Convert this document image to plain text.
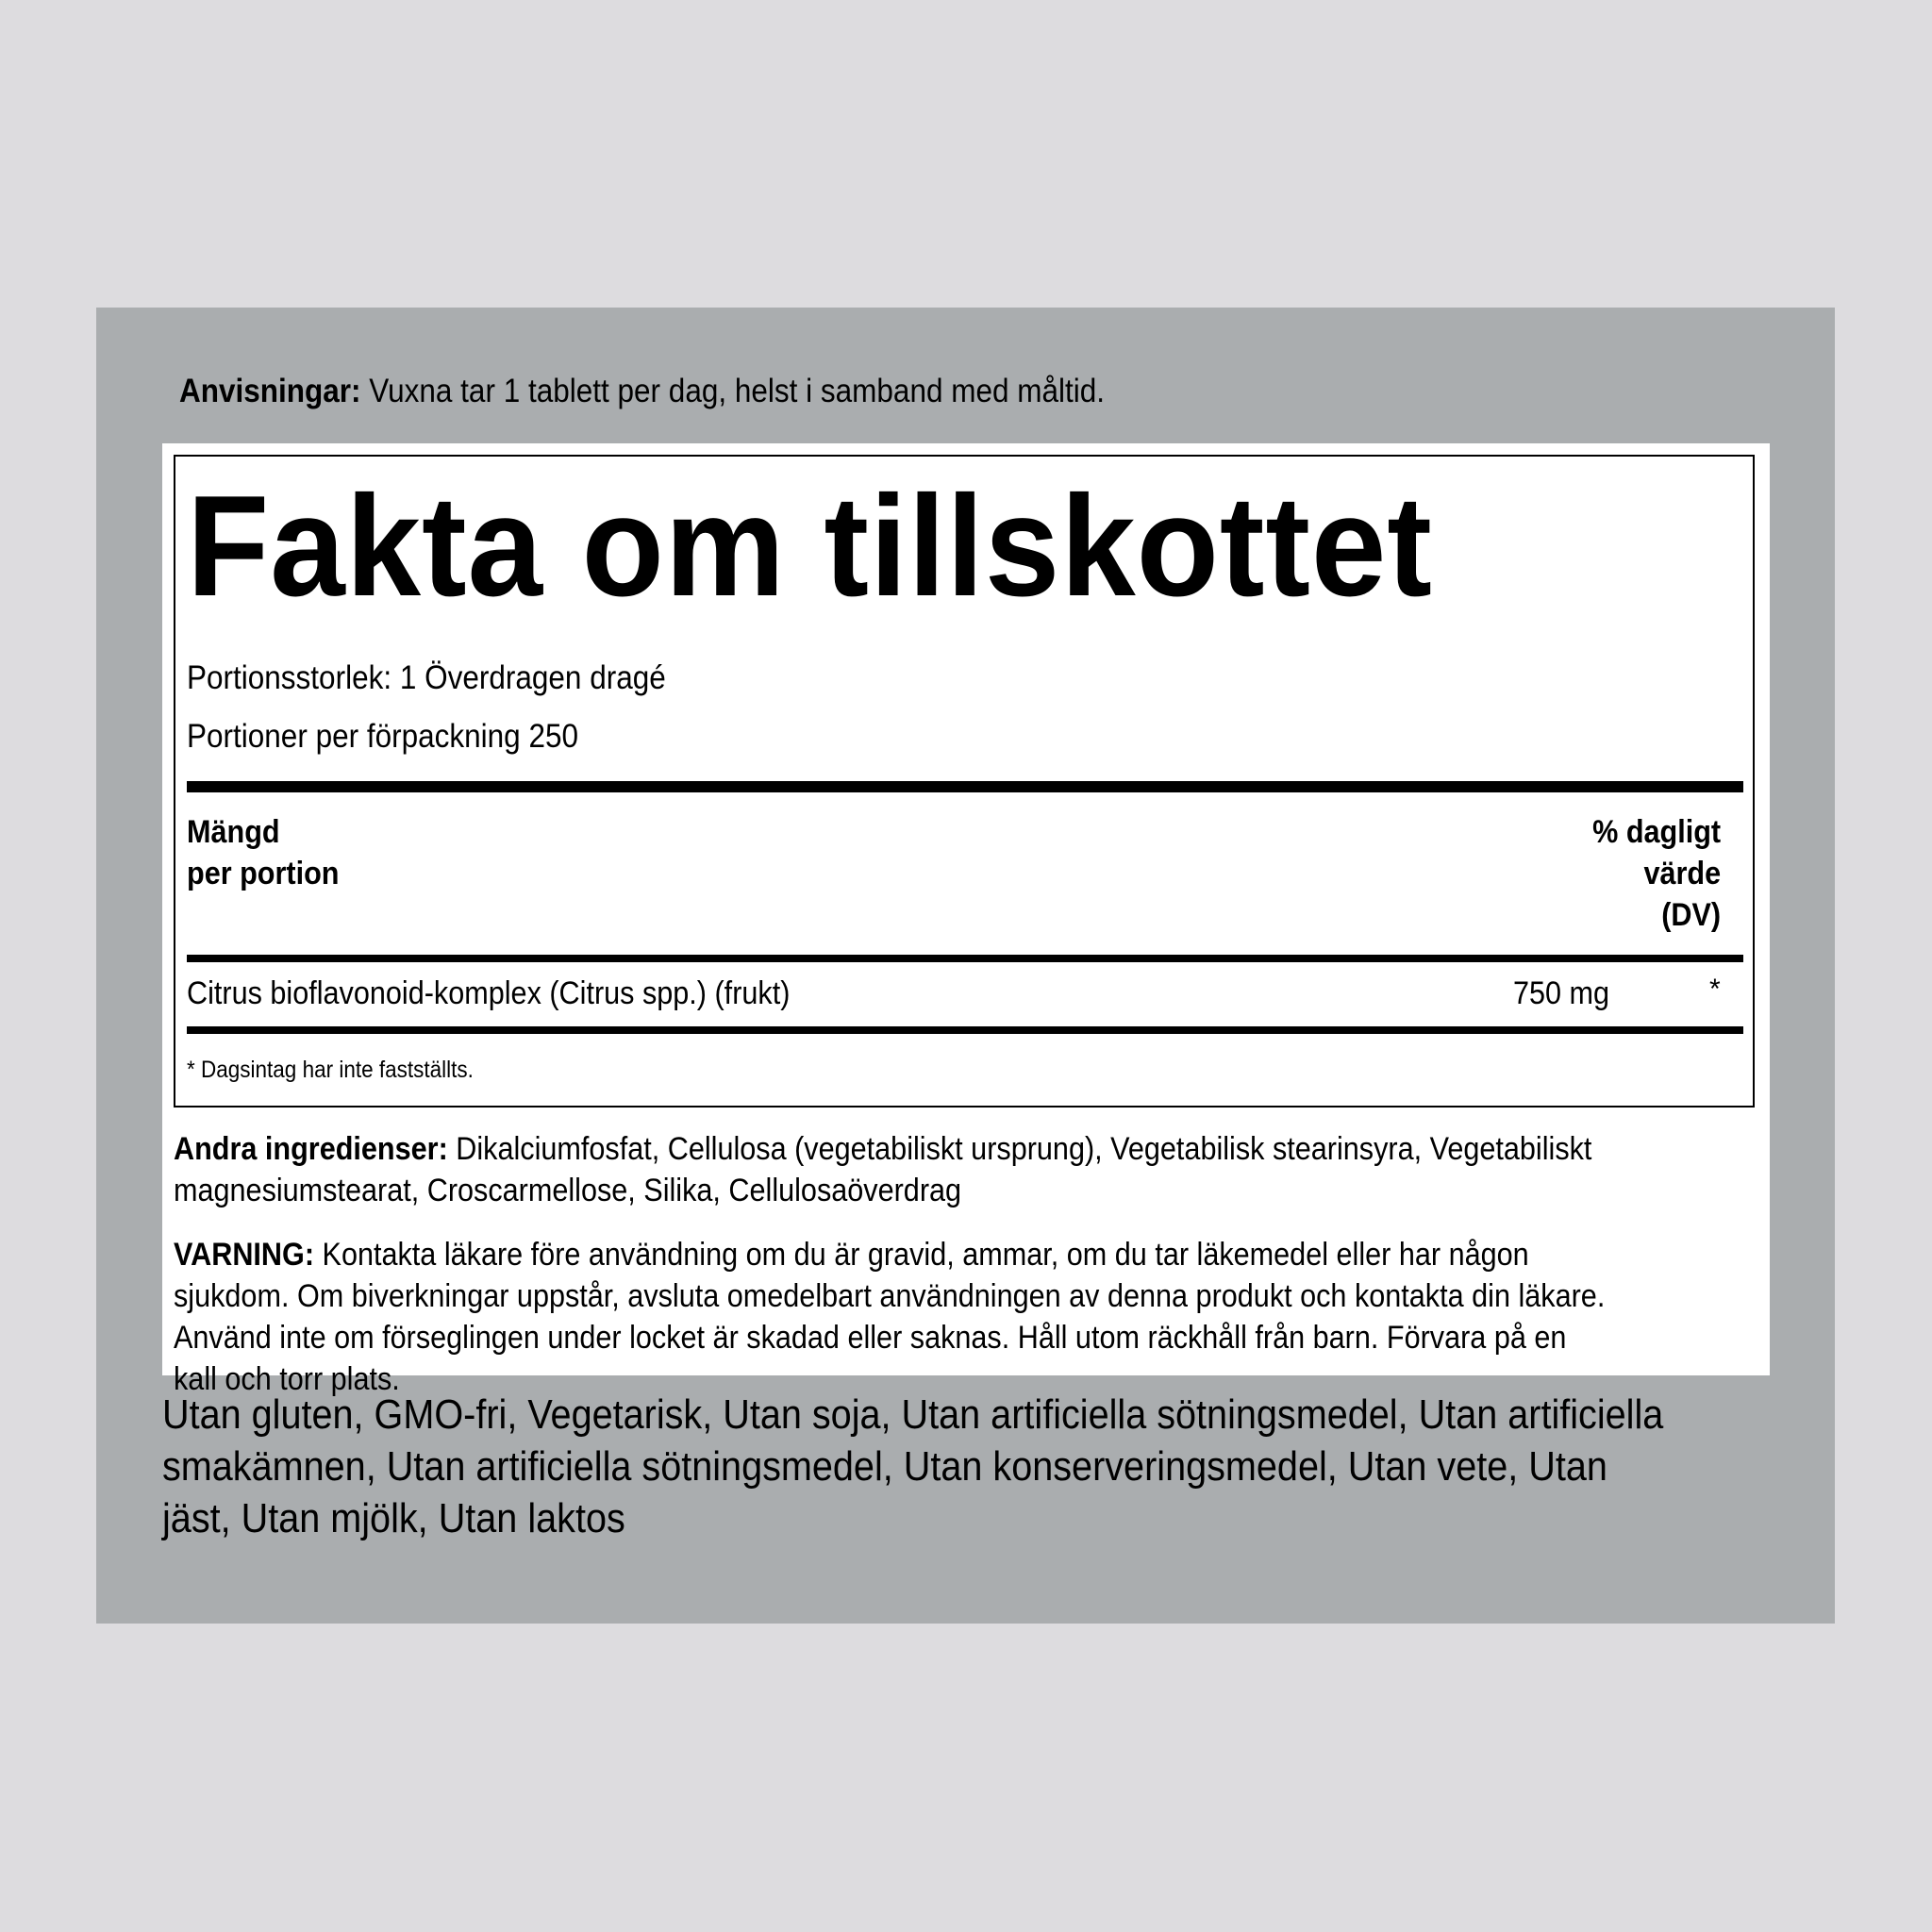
Anvisningar: Vuxna tar 1 tablett per dag, helst i samband med måltid.
Fakta om tillskottet
Portionsstorlek: 1 Överdragen dragé
Portioner per förpackning 250
Mängd
per portion
% dagligt
värde
(DV)
Citrus bioflavonoid-komplex (Citrus spp.) (frukt)	750 mg	*
* Dagsintag har inte fastställts.
Andra ingredienser: Dikalciumfosfat, Cellulosa (vegetabiliskt ursprung), Vegetabilisk stearinsyra, Vegetabiliskt magnesiumstearat, Croscarmellose, Silika, Cellulosaöverdrag
VARNING: Kontakta läkare före användning om du är gravid, ammar, om du tar läkemedel eller har någon sjukdom. Om biverkningar uppstår, avsluta omedelbart användningen av denna produkt och kontakta din läkare. Använd inte om förseglingen under locket är skadad eller saknas. Håll utom räckhåll från barn. Förvara på en kall och torr plats.
Utan gluten, GMO-fri, Vegetarisk, Utan soja, Utan artificiella sötningsmedel, Utan artificiella smakämnen, Utan artificiella sötningsmedel, Utan konserveringsmedel, Utan vete, Utan jäst, Utan mjölk, Utan laktos
